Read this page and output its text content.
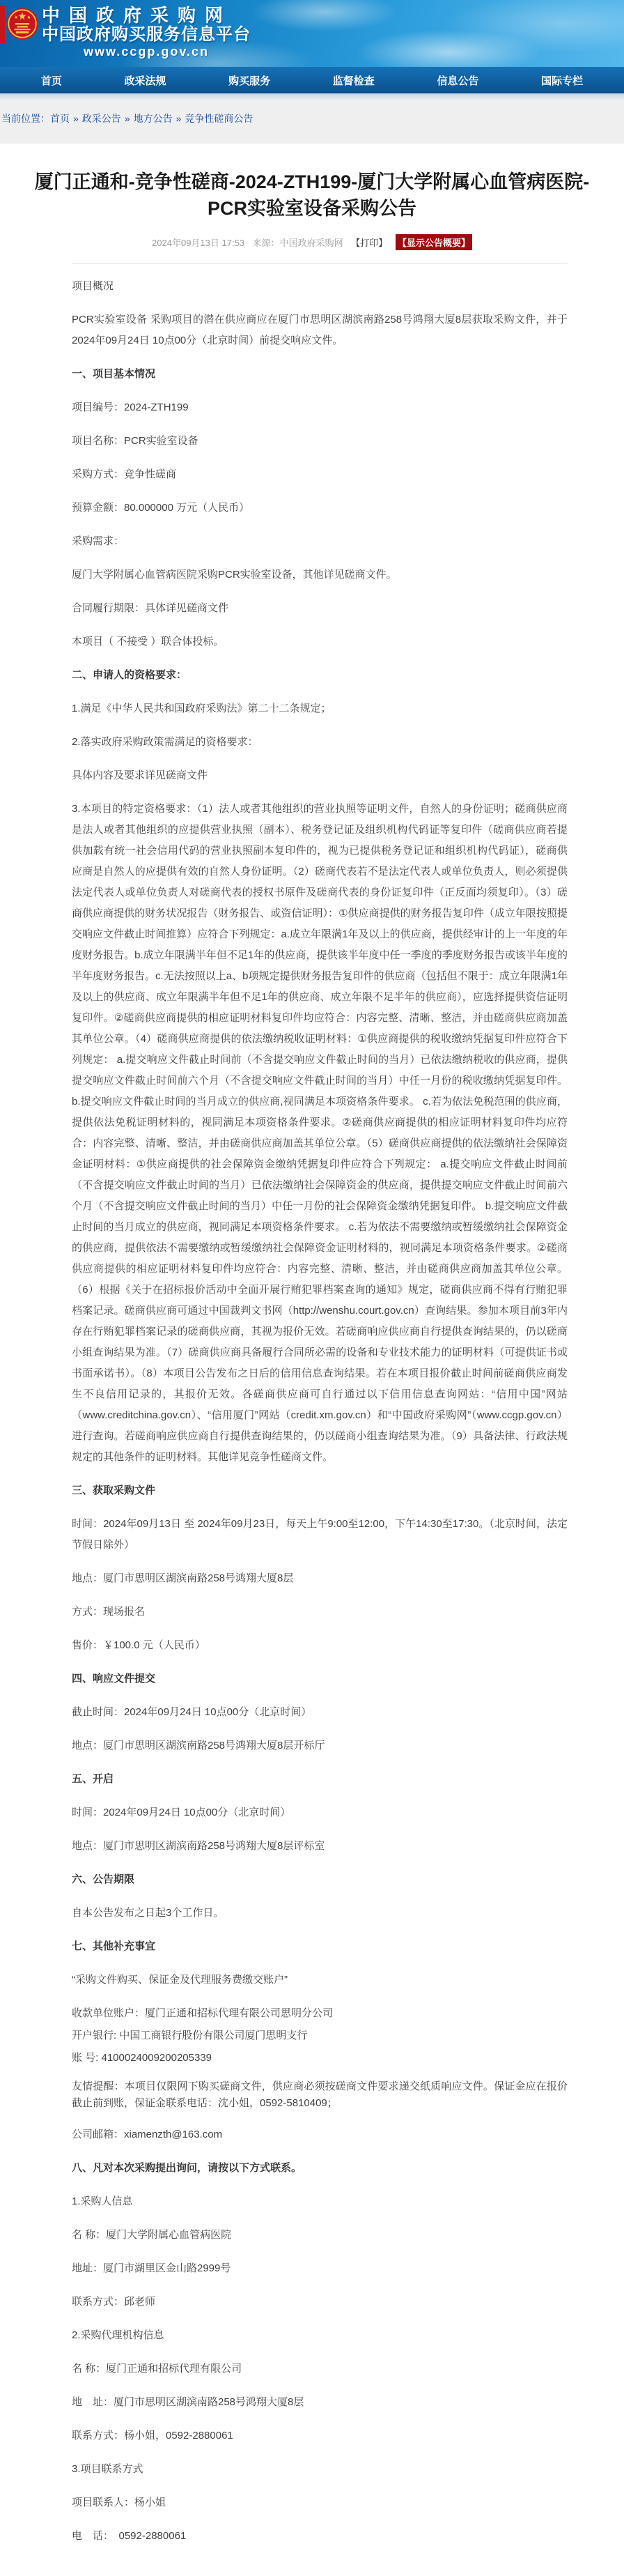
中国政府采购网
中国政府购买服务信息平台
www.ccgp.gov.cn
首页	政采法规	购买服务	监督检查	信息公告	国际专栏
当前位置：首页 » 政采公告 » 地方公告 » 竞争性磋商公告
厦门正通和-竞争性磋商-2024-ZTH199-厦门大学附属心血管病医院-PCR实验室设备采购公告
2024年09月13日 17:53 来源：中国政府采购网 【打印】 【显示公告概要】

项目概况

PCR实验室设备 采购项目的潜在供应商应在厦门市思明区湖滨南路258号鸿翔大厦8层获取采购文件，并于2024年09月24日 10点00分（北京时间）前提交响应文件。

一、项目基本情况

项目编号：2024-ZTH199

项目名称：PCR实验室设备

采购方式：竞争性磋商

预算金额：80.000000 万元（人民币）

采购需求：

厦门大学附属心血管病医院采购PCR实验室设备，其他详见磋商文件。

合同履行期限：具体详见磋商文件

本项目（ 不接受 ）联合体投标。

二、申请人的资格要求：

1.满足《中华人民共和国政府采购法》第二十二条规定；

2.落实政府采购政策需满足的资格要求：

具体内容及要求详见磋商文件

3.本项目的特定资格要求：（1）法人或者其他组织的营业执照等证明文件，自然人的身份证明；磋商供应商是法人或者其他组织的应提供营业执照（副本）、税务登记证及组织机构代码证等复印件（磋商供应商若提供加载有统一社会信用代码的营业执照副本复印件的，视为已提供税务登记证和组织机构代码证），磋商供应商是自然人的应提供有效的自然人身份证明。（2）磋商代表若不是法定代表人或单位负责人，则必须提供法定代表人或单位负责人对磋商代表的授权书原件及磋商代表的身份证复印件（正反面均须复印）。（3）磋商供应商提供的财务状况报告（财务报告、或资信证明）：①供应商提供的财务报告复印件（成立年限按照提交响应文件截止时间推算）应符合下列规定：a.成立年限满1年及以上的供应商，提供经审计的上一年度的年度财务报告。b.成立年限满半年但不足1年的供应商，提供该半年度中任一季度的季度财务报告或该半年度的半年度财务报告。c.无法按照以上a、b项规定提供财务报告复印件的供应商（包括但不限于：成立年限满1年及以上的供应商、成立年限满半年但不足1年的供应商、成立年限不足半年的供应商），应选择提供资信证明复印件。②磋商供应商提供的相应证明材料复印件均应符合：内容完整、清晰、整洁，并由磋商供应商加盖其单位公章。（4）磋商供应商提供的依法缴纳税收证明材料：①供应商提供的税收缴纳凭据复印件应符合下列规定： a.提交响应文件截止时间前（不含提交响应文件截止时间的当月）已依法缴纳税收的供应商，提供提交响应文件截止时间前六个月（不含提交响应文件截止时间的当月）中任一月份的税收缴纳凭据复印件。 b.提交响应文件截止时间的当月成立的供应商,视同满足本项资格条件要求。 c.若为依法免税范围的供应商，提供依法免税证明材料的，视同满足本项资格条件要求。②磋商供应商提供的相应证明材料复印件均应符合：内容完整、清晰、整洁，并由磋商供应商加盖其单位公章。（5）磋商供应商提供的依法缴纳社会保障资金证明材料：①供应商提供的社会保障资金缴纳凭据复印件应符合下列规定： a.提交响应文件截止时间前（不含提交响应文件截止时间的当月）已依法缴纳社会保障资金的供应商，提供提交响应文件截止时间前六个月（不含提交响应文件截止时间的当月）中任一月份的社会保障资金缴纳凭据复印件。 b.提交响应文件截止时间的当月成立的供应商，视同满足本项资格条件要求。 c.若为依法不需要缴纳或暂缓缴纳社会保障资金的供应商，提供依法不需要缴纳或暂缓缴纳社会保障资金证明材料的，视同满足本项资格条件要求。②磋商供应商提供的相应证明材料复印件均应符合：内容完整、清晰、整洁，并由磋商供应商加盖其单位公章。（6）根据《关于在招标报价活动中全面开展行贿犯罪档案查询的通知》规定，磋商供应商不得有行贿犯罪档案记录。磋商供应商可通过中国裁判文书网（http://wenshu.court.gov.cn）查询结果。参加本项目前3年内存在行贿犯罪档案记录的磋商供应商，其视为报价无效。若磋商响应供应商自行提供查询结果的，仍以磋商小组查询结果为准。（7）磋商供应商具备履行合同所必需的设备和专业技术能力的证明材料（可提供证书或书面承诺书）。（8）本项目公告发布之日后的信用信息查询结果。若在本项目报价截止时间前磋商供应商发生不良信用记录的，其报价无效。各磋商供应商可自行通过以下信用信息查询网站：“信用中国”网站（www.creditchina.gov.cn）、“信用厦门”网站（credit.xm.gov.cn）和“中国政府采购网”（www.ccgp.gov.cn）进行查询。若磋商响应供应商自行提供查询结果的，仍以磋商小组查询结果为准。（9）具备法律、行政法规规定的其他条件的证明材料。其他详见竞争性磋商文件。

三、获取采购文件

时间：2024年09月13日 至 2024年09月23日，每天上午9:00至12:00，下午14:30至17:30。（北京时间，法定节假日除外）

地点：厦门市思明区湖滨南路258号鸿翔大厦8层

方式：现场报名

售价：￥100.0 元（人民币）

四、响应文件提交

截止时间：2024年09月24日 10点00分（北京时间）

地点：厦门市思明区湖滨南路258号鸿翔大厦8层开标厅

五、开启

时间：2024年09月24日 10点00分（北京时间）

地点：厦门市思明区湖滨南路258号鸿翔大厦8层评标室

六、公告期限

自本公告发布之日起3个工作日。

七、其他补充事宜

“采购文件购买、保证金及代理服务费缴交账户”

收款单位账户：厦门正通和招标代理有限公司思明分公司

开户银行: 中国工商银行股份有限公司厦门思明支行

账 号: 4100024009200205339

友情提醒：本项目仅限网下购买磋商文件，供应商必须按磋商文件要求递交纸质响应文件。保证金应在报价截止前到账，保证金联系电话：沈小姐，0592-5810409；

公司邮箱：xiamenzth@163.com

八、凡对本次采购提出询问，请按以下方式联系。

1.采购人信息

名 称：厦门大学附属心血管病医院

地址：厦门市湖里区金山路2999号

联系方式：邱老师

2.采购代理机构信息

名 称：厦门正通和招标代理有限公司

地　址：厦门市思明区湖滨南路258号鸿翔大厦8层

联系方式：杨小姐，0592-2880061

3.项目联系方式

项目联系人：杨小姐

电　话：　0592-2880061
